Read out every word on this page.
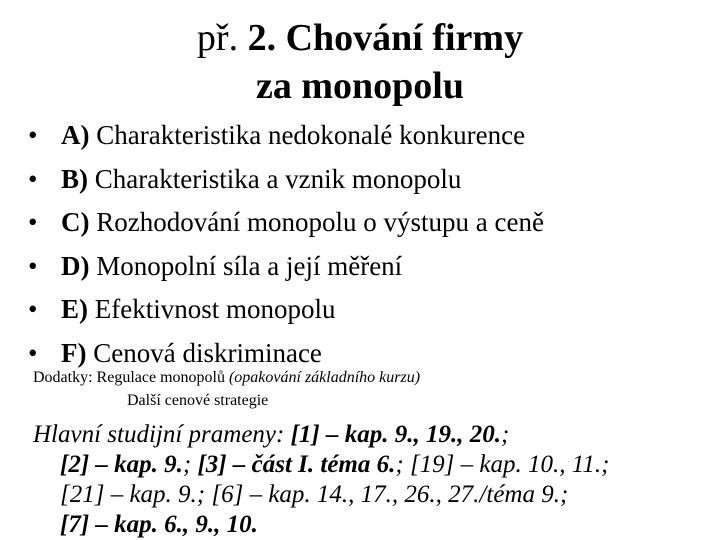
př. 2. Chování firmy
za monopolu
• A)
Charakteristika nedokonalé konkurence
• B)
Charakteristika a vznik monopolu
• C)
Rozhodování monopolu o výstupu a ceně
• D)
Monopolní síla a její měření
• E)
Efektivnost monopolu
• F)
Cenová diskriminace
Dodatky: Regulace monopolů (opakování základního kurzu)
Další cenové strategie
Hlavní studijní prameny: [1] – kap. 9., 19., 20.;
[2] – kap. 9.; [3] – část I. téma 6.; [19] – kap. 10., 11.;
[21] – kap. 9.; [6] – kap. 14., 17., 26., 27./téma 9.;
[7] – kap. 6., 9., 10.
